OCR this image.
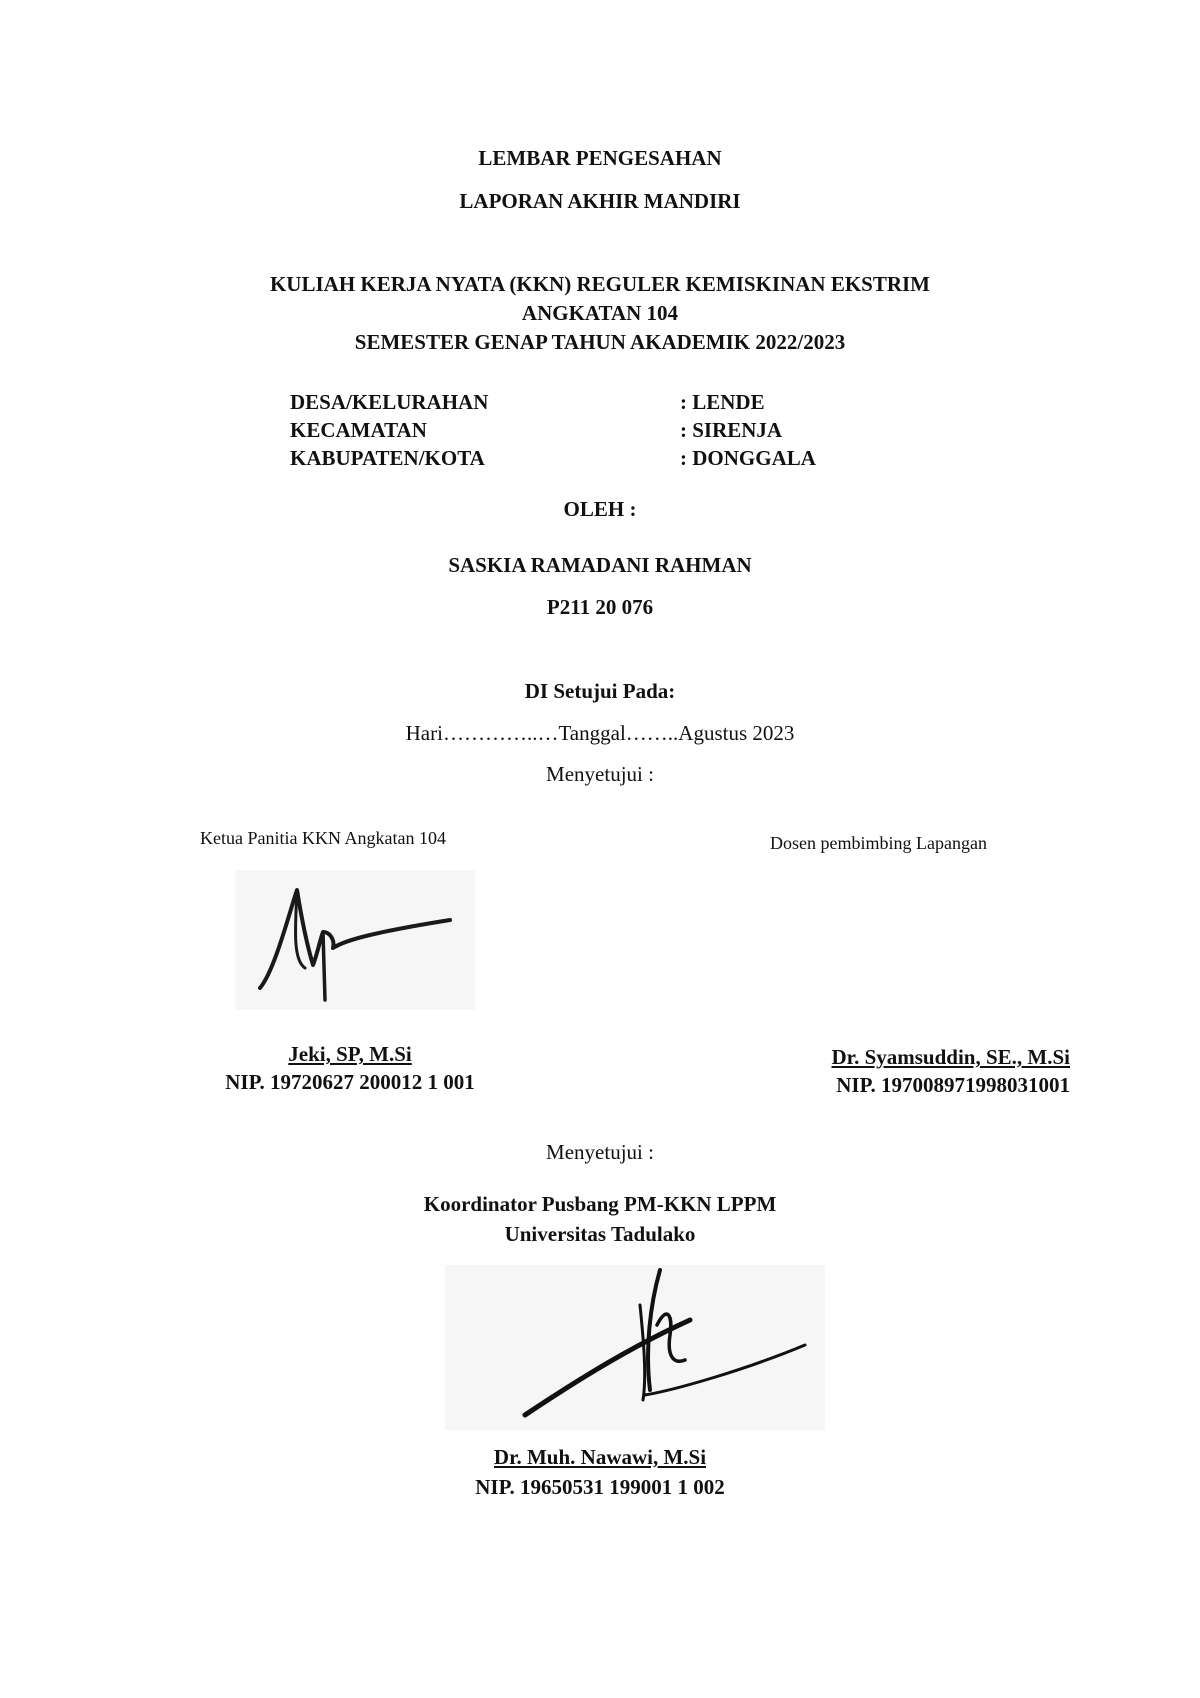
LEMBAR PENGESAHAN
LAPORAN AKHIR MANDIRI
KULIAH KERJA NYATA (KKN) REGULER KEMISKINAN EKSTRIM
ANGKATAN 104
SEMESTER GENAP TAHUN AKADEMIK 2022/2023
DESA/KELURAHAN	: LENDE
KECAMATAN	: SIRENJA
KABUPATEN/KOTA	: DONGGALA
OLEH :
SASKIA RAMADANI RAHMAN
P211 20 076
DI Setujui Pada:
Hari…………..…Tanggal……..Agustus 2023
Menyetujui :
Ketua Panitia KKN Angkatan 104	Dosen pembimbing Lapangan
Jeki, SP, M.Si
NIP. 19720627 200012 1 001
Dr. Syamsuddin, SE., M.Si
NIP. 197008971998031001
Menyetujui :
Koordinator Pusbang PM-KKN LPPM
Universitas Tadulako
Dr. Muh. Nawawi, M.Si
NIP. 19650531 199001 1 002
